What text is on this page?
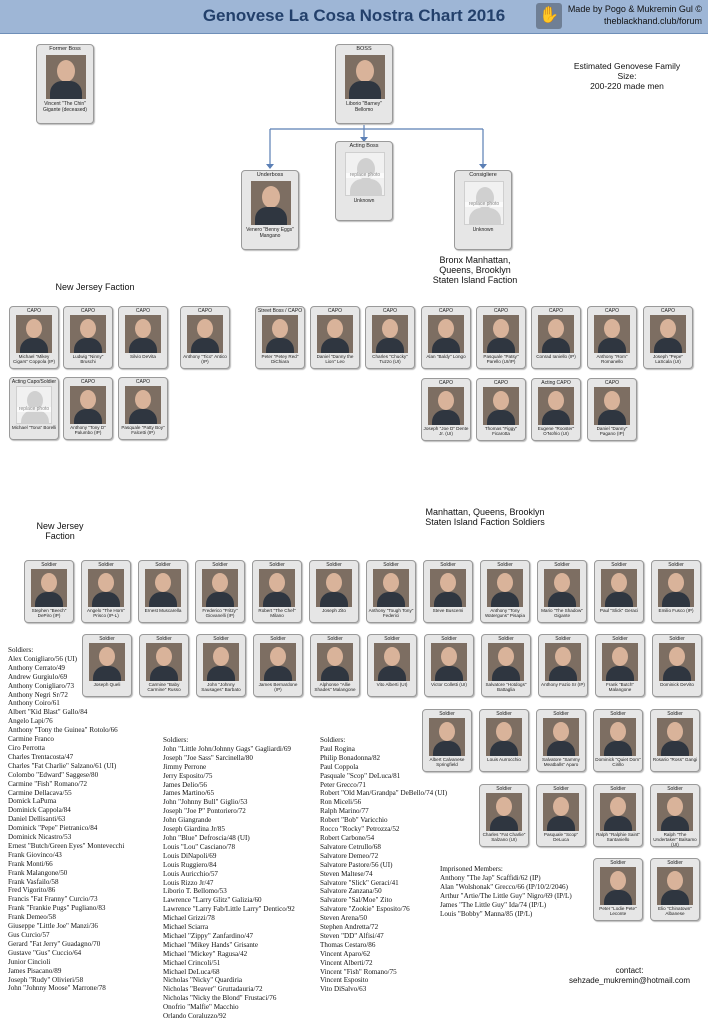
Genovese La Cosa Nostra Chart 2016	✋ Made by Pogo & Mukremin Gul ©
theblackhand.club/forum
Estimated Genovese Family
Size:
200-220 made men
Former Boss
Vincent "The Chin" Gigante (deceased)
BOSS
Liborio "Barney" Bellomo
Underboss
Venero "Benny Eggs" Mangano
Acting Boss
replace photo
Unknown
Consigliere
replace photo
Unknown
New Jersey Faction
Bronx Manhattan, Queens, Brooklyn Staten Island Faction
CAPO
Michael "Mikey Cigars" Coppola (IP)
CAPO
Ludwig "Ninny" Bruschi
CAPO
Silvio DeVita
CAPO
Anthony "Tico" Antico (IP)
Acting Capo/Soldier
replace photo
Michael "Tona" Borelli
CAPO
Anthony "Tony D" Palumbo (IP)
CAPO
Pasquale "Patty Boy" Falcetti (IP)
Street Boss / CAPO
Peter "Petey Red" DiChiara
CAPO
Daniel "Danny the Lion" Leo
CAPO
Charles "Chucky" Tuzzo (UI)
CAPO
Alan "Baldy" Longo
CAPO
Pasquale "Patsy" Parello (UI/IP)
CAPO
Conrad Ianiello (IP)
CAPO
Anthony "Rom" Romanello
CAPO
Joseph "Pepe" LaScala (UI)
CAPO
Joseph "Joe D" Dente Jr. (UI)
CAPO
Thomas "Figgy" Ficarotta
Acting CAPO
Eugene "Rooster" O'Nofrio (UI)
CAPO
Daniel "Danny" Pagano (IP)
Soldier
Stephen "Beech" DePiro (IP)
Soldier
Angelo "The Horn" Prisco (IP-L)
Soldier
Ernest Muscarella
Soldier
Frederico "Fritzy" Giovanelli (IP)
Soldier
Robert "The Chef" Milano
Soldier
Joseph Zito
Soldier
Anthony "Tough Tony" Federici
Soldier
Steve Buscemi
Soldier
Anthony "Tony Waterguns" Pisapia
Soldier
Mario "The Shadow" Gigante
Soldier
Paul "Slick" Geraci
Soldier
Emilio Fusco (IP)
Soldier
Joseph Queli
Soldier
Carmine "Baby Carmine" Russo
Soldier
John "Johnny Sausages" Barbato
Soldier
James Bernardone (IP)
Soldier
Alphonse "Allie Shades" Malangone
Soldier
Vito Alberti (UI)
Soldier
Victor Colletti (UI)
Soldier
Salvatore "Hotdogs" Battaglia
Soldier
Anthony Fazio Sr (IP)
Soldier
Frank "Butch" Malangone
Soldier
Dominick DeVito
Soldier
Albert Calvanese Springfield
Soldier
Louis Aurrocchio
Soldier
Salvatore "Sammy Meatballs" Aparo
Soldier
Dominick "Quiet Dom" Cirillo
Soldier
Rosario "Ross" Gangi
Soldier
Charles "Fat Charlie" Salzano (UI)
Soldier
Pasquale "Scop" DeLuca
Soldier
Ralph "Ralphie Saint" Santaniello
Soldier
Ralph "The Undertaker" Balsamo (UI)
Soldier
Peter "Lodie Pete" Leconte
Soldier
Elio "Chinatown" Albanese
New Jersey Faction
Manhattan, Queens, Brooklyn Staten Island Faction Soldiers
Soldiers:
Alex Conigliaro/56 (UI)
Anthony Cerrato/49
Andrew Gurgiulo/69
Anthony Conigliaro/73
Anthony Negri Sr/72
Anthony Coiro/61
Albert "Kid Blast" Gallo/84
Angelo Lapi/76
Anthony "Tony the Guinea" Rotolo/66
Carmine Franco
Ciro Perrotta
Charles Trentacosta/47
Charles "Fat Charlie" Salzano/61 (UI)
Colombo "Edward" Saggese/80
Carmine "Fish" Romano/72
Carmine Dellacava/55
Domick LaPuma
Dominick Cappola/84
Daniel Dellisanti/63
Dominick "Pepe" Pietranico/84
Dominick Nicastro/53
Ernest "Butch/Green Eyes" Montevecchi
Frank Giovinco/43
Frank Monti/66
Frank Malangone/50
Frank Vasfailo/58
Fred Vigorito/86
Francis "Fat Franny" Curcio/73
Frank "Frankie Pugs" Pugliano/83
Frank Demeo/58
Giuseppe "Little Joe" Manzi/36
Gus Curcio/57
Gerard "Fat Jerry" Guadagno/70
Gustave "Gus" Cuccio/64
Junior Cincioli
James Pisacano/89
Joseph "Rudy" Olivieri/58
John "Johnny Moose" Marrone/78
Soldiers:
John "Little John/Johnny Gags" Gagliardi/69
Joseph "Joe Sass" Sarcinella/80
Jimmy Perrone
Jerry Esposito/75
James Delio/56
James Martino/65
John "Johnny Bull" Giglio/53
Joseph "Joe P" Pontoriero/72
John Giangrande
Joseph Giardina Jr/85
John "Blue" Defroscia/48 (UI)
Louis "Lou" Casciano/78
Louis DiNapoli/69
Louis Ruggiero/84
Louis Auricchio/57
Louis Rizzo Jr/47
Liborio T. Bellomo/53
Lawrence "Larry Glitz" Galizia/60
Lawrence "Larry Fab/Little Larry" Dentico/92
Michael Grizzi/78
Michael Sciarra
Michael "Zippy" Zanfardino/47
Michael "Mikey Hands" Grisante
Michael "Mickey" Ragusa/42
Michael Crincoli/51
Michael DeLuca/68
Nicholas "Nicky" Quardiria
Nicholas "Beaver" Gruttadauria/72
Nicholas "Nicky the Blond" Frustaci/76
Onofrio "Malfie" Macchio
Orlando Coraluzzo/92
Soldiers:
Paul Rogina
Philip Bonadonna/82
Paul Coppola
Pasquale "Scop" DeLuca/81
Peter Grecco/71
Robert "Old Man/Grandpa" DeBello/74 (UI)
Ron Miceli/56
Ralph Marino/77
Robert "Bob" Varicchio
Rocco "Rocky" Petrozza/52
Robert Carbone/54
Salvatore Cetrullo/68
Salvatore Demeo/72
Salvatore Pastore/56 (UI)
Steven Maltese/74
Salvatore "Slick" Geraci/41
Salvatore Zanzana/50
Salvatore "Sal/Moe" Zito
Salvatore "Zookie" Esposito/76
Steven Arena/50
Stephen Andretta/72
Steven "DD" Alfisi/47
Thomas Cestaro/86
Vincent Aparo/62
Vincent Alberti/72
Vincent "Fish" Romano/75
Vincent Esposito
Vito DiSalvo/63
Imprisoned Members:
Anthony "The Jap" Scaffidi/62 (IP)
Alan "Wolshonak" Grecco/66 (IP/10/2/2046)
Arthur "Artie/The Little Guy" Nigro/69 (IP/L)
James "The Little Guy" Ida/74 (IP/L)
Louis "Bobby" Manna/85 (IP/L)
contact:
sehzade_mukremin@hotmail.com
